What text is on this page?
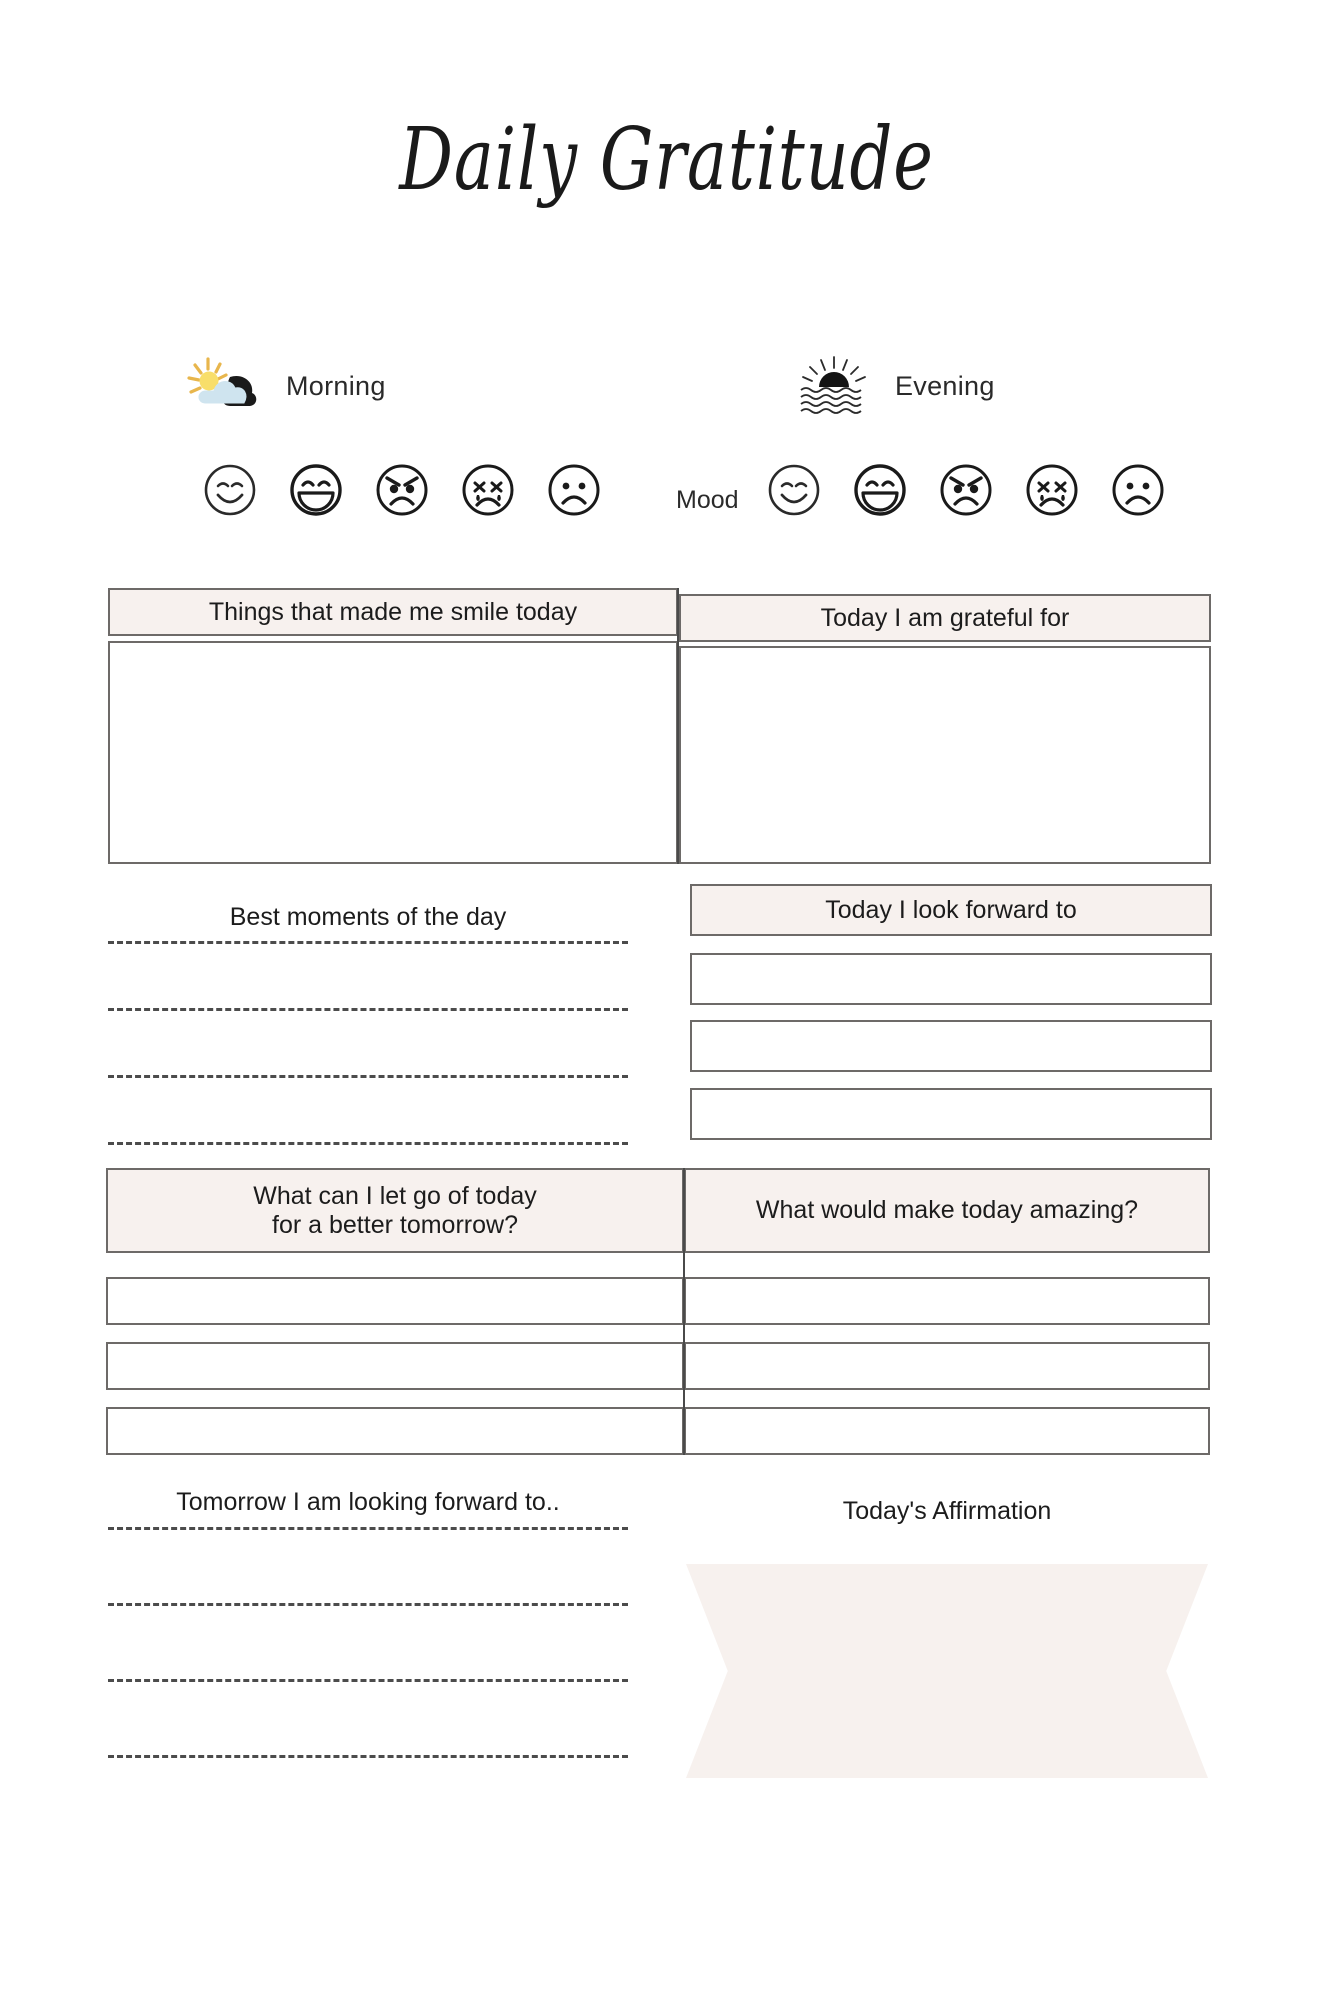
Daily Gratitude
Morning	Evening
Mood
Things that made me smile today	Today I am grateful for
Best moments of the day	Today I look forward to
What can I let go of today
for a better tomorrow?
What would make today amazing?
Tomorrow I am looking forward to..	Today's Affirmation
